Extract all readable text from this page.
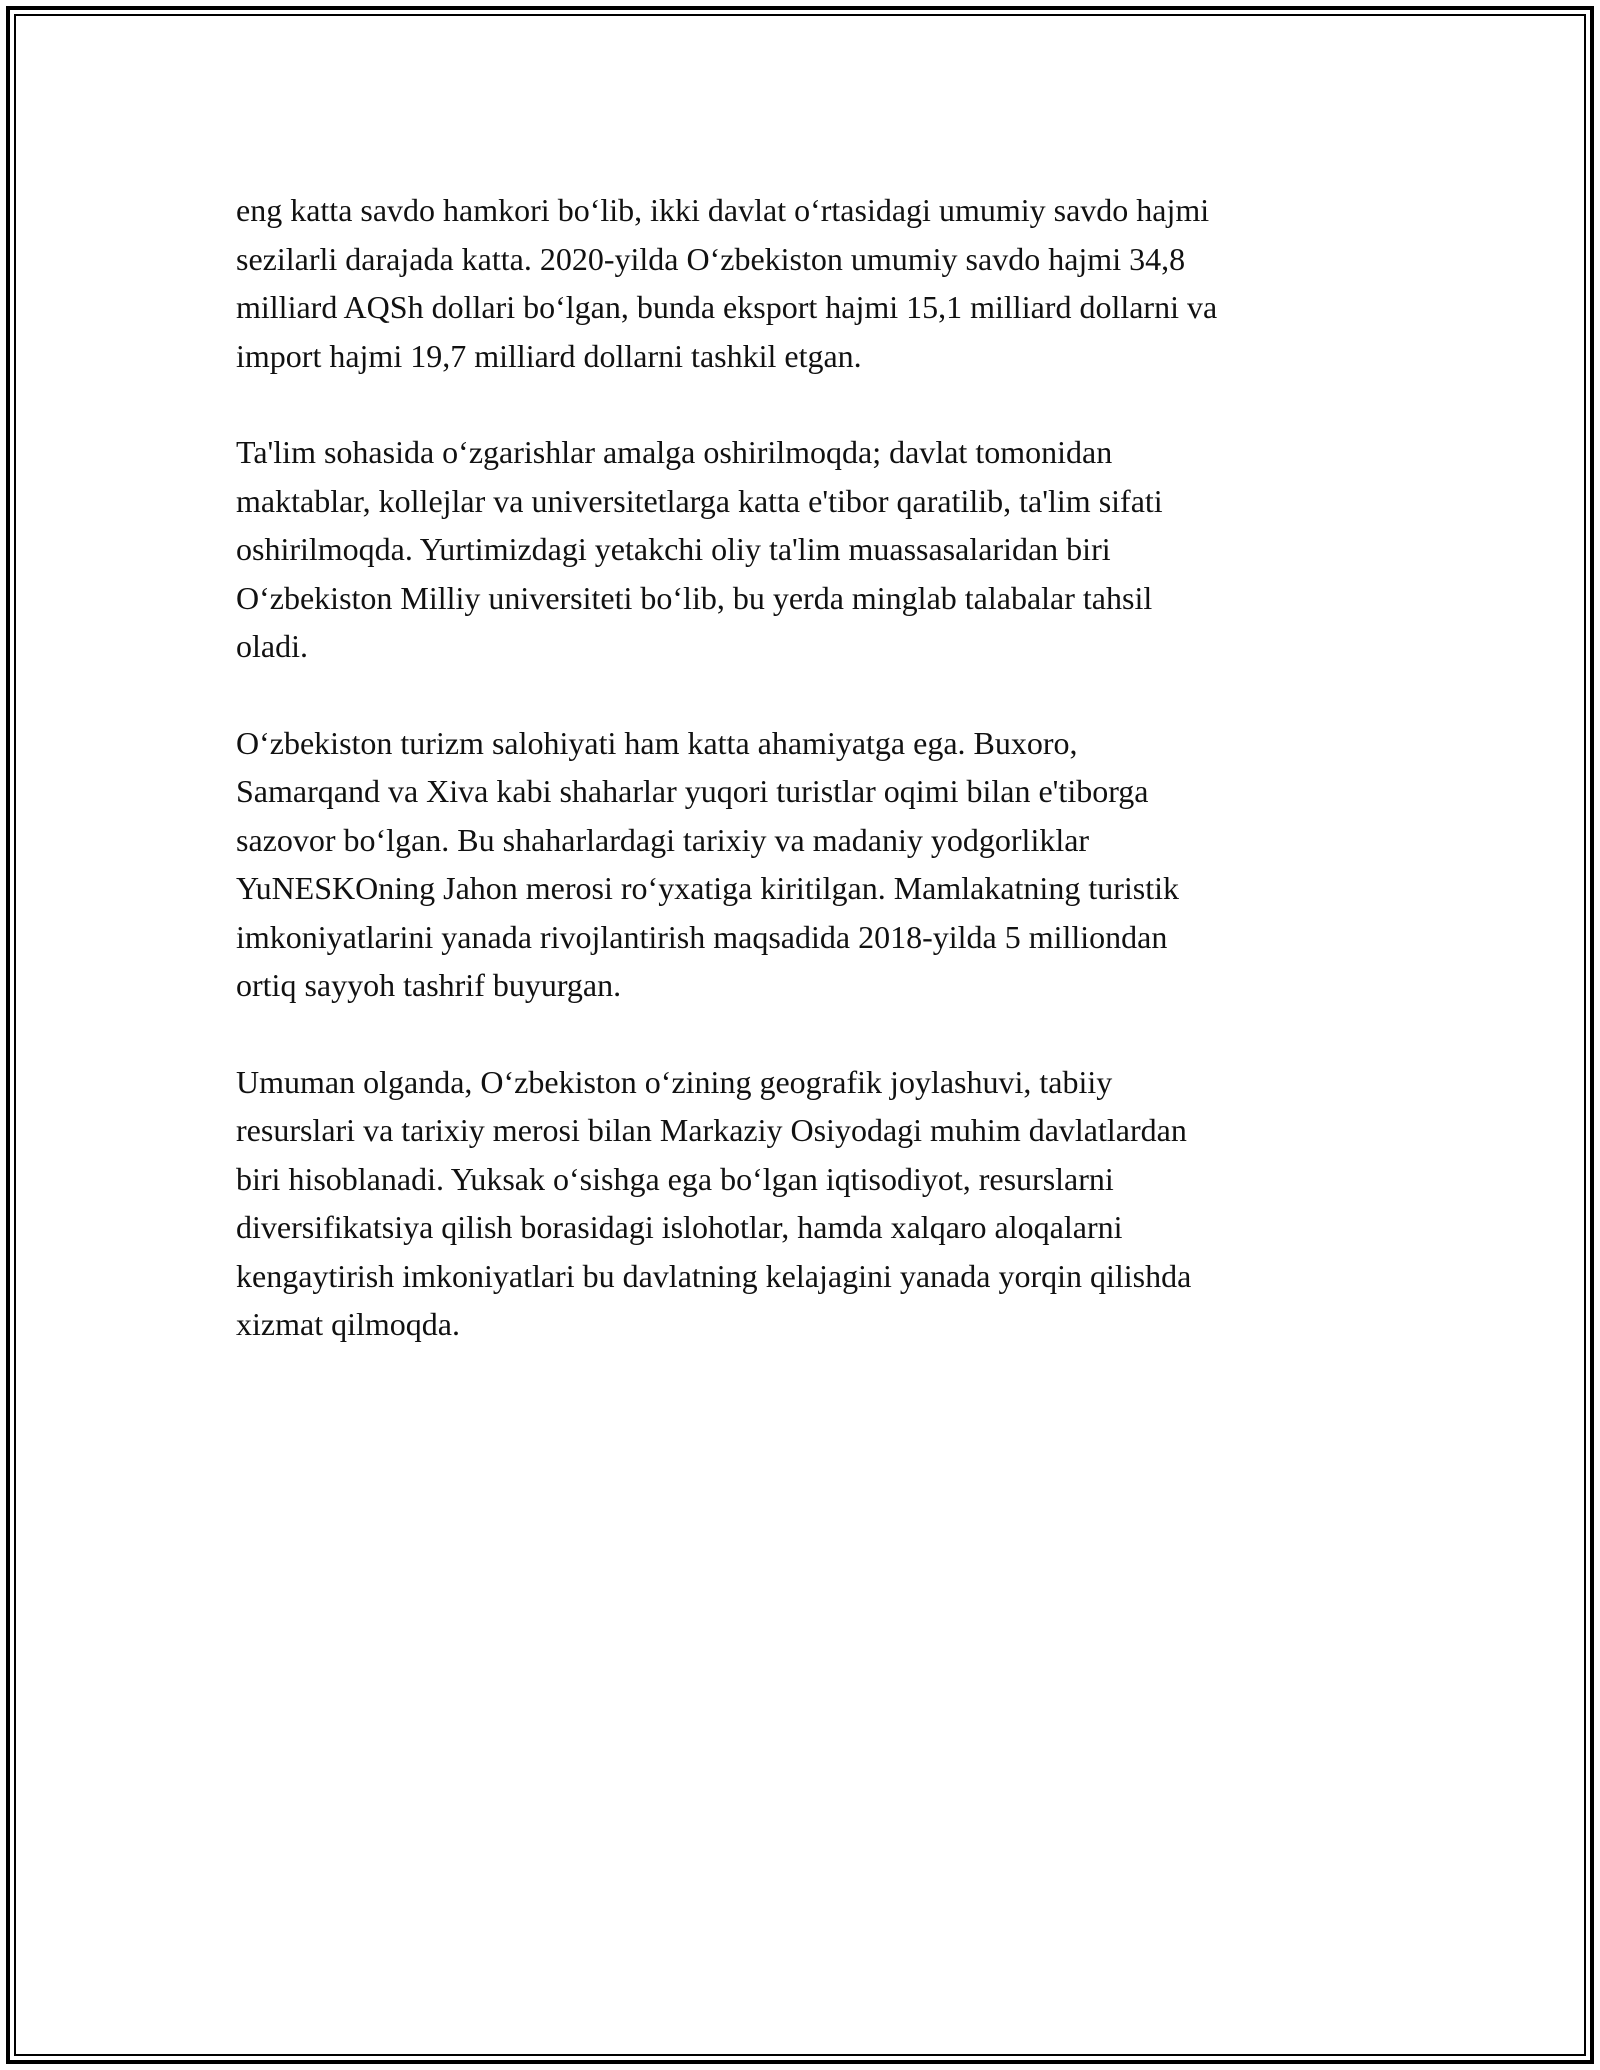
eng katta savdo hamkori bo‘lib, ikki davlat o‘rtasidagi umumiy savdo hajmi
sezilarli darajada katta. 2020-yilda O‘zbekiston umumiy savdo hajmi 34,8
milliard AQSh dollari bo‘lgan, bunda eksport hajmi 15,1 milliard dollarni va
import hajmi 19,7 milliard dollarni tashkil etgan.

Ta'lim sohasida o‘zgarishlar amalga oshirilmoqda; davlat tomonidan
maktablar, kollejlar va universitetlarga katta e'tibor qaratilib, ta'lim sifati
oshirilmoqda. Yurtimizdagi yetakchi oliy ta'lim muassasalaridan biri
O‘zbekiston Milliy universiteti bo‘lib, bu yerda minglab talabalar tahsil
oladi.

O‘zbekiston turizm salohiyati ham katta ahamiyatga ega. Buxoro,
Samarqand va Xiva kabi shaharlar yuqori turistlar oqimi bilan e'tiborga
sazovor bo‘lgan. Bu shaharlardagi tarixiy va madaniy yodgorliklar
YuNESKOning Jahon merosi ro‘yxatiga kiritilgan. Mamlakatning turistik
imkoniyatlarini yanada rivojlantirish maqsadida 2018-yilda 5 milliondan
ortiq sayyoh tashrif buyurgan.

Umuman olganda, O‘zbekiston o‘zining geografik joylashuvi, tabiiy
resurslari va tarixiy merosi bilan Markaziy Osiyodagi muhim davlatlardan
biri hisoblanadi. Yuksak o‘sishga ega bo‘lgan iqtisodiyot, resurslarni
diversifikatsiya qilish borasidagi islohotlar, hamda xalqaro aloqalarni
kengaytirish imkoniyatlari bu davlatning kelajagini yanada yorqin qilishda
xizmat qilmoqda.
